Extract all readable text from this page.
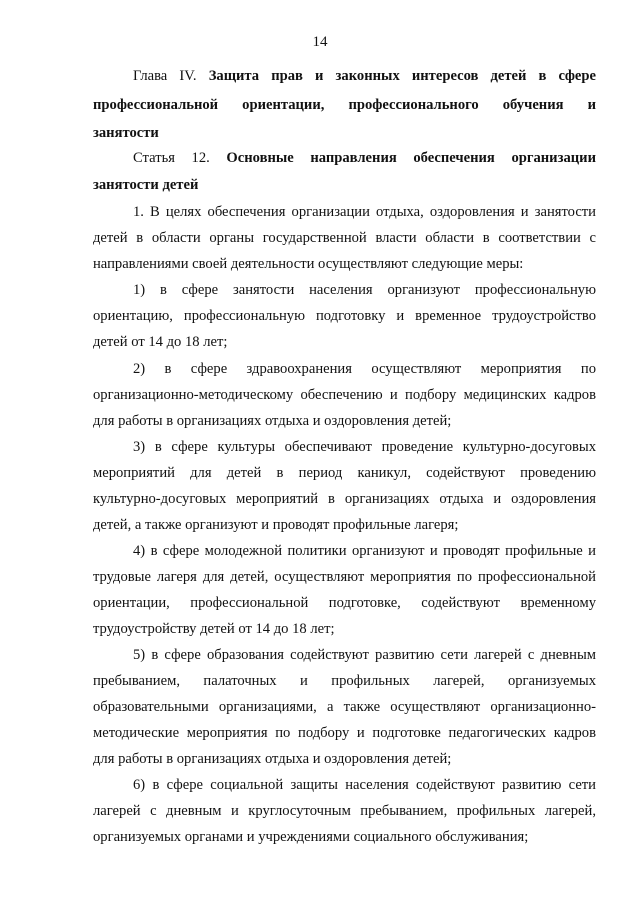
14
Глава IV. Защита прав и законных интересов детей в сфере
профессиональной ориентации, профессионального обучения и
занятости
Статья 12. Основные направления обеспечения организации
занятости детей
1. В целях обеспечения организации отдыха, оздоровления и занятости
детей в области органы государственной власти области в соответствии с
направлениями своей деятельности осуществляют следующие меры:
1) в сфере занятости населения организуют профессиональную
ориентацию, профессиональную подготовку и временное трудоустройство
детей от 14 до 18 лет;
2) в сфере здравоохранения осуществляют мероприятия по
организационно-методическому обеспечению и подбору медицинских кадров
для работы в организациях отдыха и оздоровления детей;
3) в сфере культуры обеспечивают проведение культурно-досуговых
мероприятий для детей в период каникул, содействуют проведению
культурно-досуговых мероприятий в организациях отдыха и оздоровления
детей, а также организуют и проводят профильные лагеря;
4) в сфере молодежной политики организуют и проводят профильные и
трудовые лагеря для детей, осуществляют мероприятия по профессиональной
ориентации, профессиональной подготовке, содействуют временному
трудоустройству детей от 14 до 18 лет;
5) в сфере образования содействуют развитию сети лагерей с дневным
пребыванием, палаточных и профильных лагерей, организуемых
образовательными организациями, а также осуществляют организационно-
методические мероприятия по подбору и подготовке педагогических кадров
для работы в организациях отдыха и оздоровления детей;
6) в сфере социальной защиты населения содействуют развитию сети
лагерей с дневным и круглосуточным пребыванием, профильных лагерей,
организуемых органами и учреждениями социального обслуживания;
